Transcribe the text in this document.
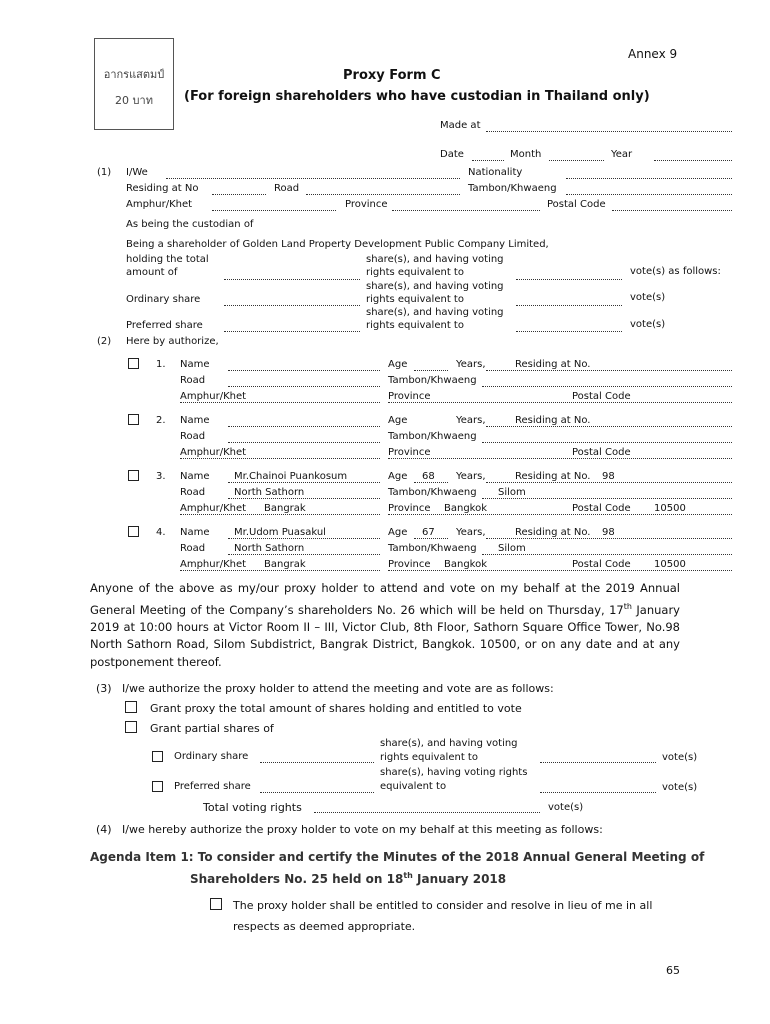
อากรแสตมป์
20 บาท
Annex 9
Proxy Form C
(For foreign shareholders who have custodian in Thailand only)
Made at
Date	Month	Year
(1) I/We	Nationality
Residing at No	Road	Tambon/Khwaeng
Amphur/Khet	Province	Postal Code
As being the custodian of
Being a shareholder of Golden Land Property Development Public Company Limited,
holding the total
amount of
share(s), and having voting
rights equivalent to	vote(s) as follows:
share(s), and having voting
Ordinary share	rights equivalent to	vote(s)
share(s), and having voting
Preferred share	rights equivalent to	vote(s)
(2) Here by authorize,
1. Name	Age	Years,	Residing at No.
Road	Tambon/Khwaeng
Amphur/Khet	Province	Postal Code
2. Name	Age	Years,	Residing at No.
Road	Tambon/Khwaeng
Amphur/Khet	Province	Postal Code
3. Name Mr.Chainoi Puankosum	Age 68 Years,	Residing at No. 98
Road	North Sathorn	Tambon/Khwaeng Silom
Amphur/Khet Bangrak	Province Bangkok	Postal Code 10500
4. Name Mr.Udom Puasakul	Age 67 Years,	Residing at No. 98
Road	North Sathorn	Tambon/Khwaeng Silom
Amphur/Khet Bangrak	Province Bangkok	Postal Code 10500
Anyone of the above as my/our proxy holder to attend and vote on my behalf at the 2019 Annual General Meeting of the Company’s shareholders No. 26 which will be held on Thursday, 17th January 2019 at 10:00 hours at Victor Room II – III, Victor Club, 8th Floor, Sathorn Square Office Tower, No.98 North Sathorn Road, Silom Subdistrict, Bangrak District, Bangkok. 10500, or on any date and at any postponement thereof.
(3) I/we authorize the proxy holder to attend the meeting and vote are as follows:
Grant proxy the total amount of shares holding and entitled to vote
Grant partial shares of
share(s), and having voting
Ordinary share	rights equivalent to	vote(s)
share(s), having voting rights
Preferred share	equivalent to	vote(s)
Total voting rights	vote(s)
(4) I/we hereby authorize the proxy holder to vote on my behalf at this meeting as follows:
Agenda Item 1: To consider and certify the Minutes of the 2018 Annual General Meeting of
Shareholders No. 25 held on 18th January 2018
The proxy holder shall be entitled to consider and resolve in lieu of me in all
respects as deemed appropriate.
65
